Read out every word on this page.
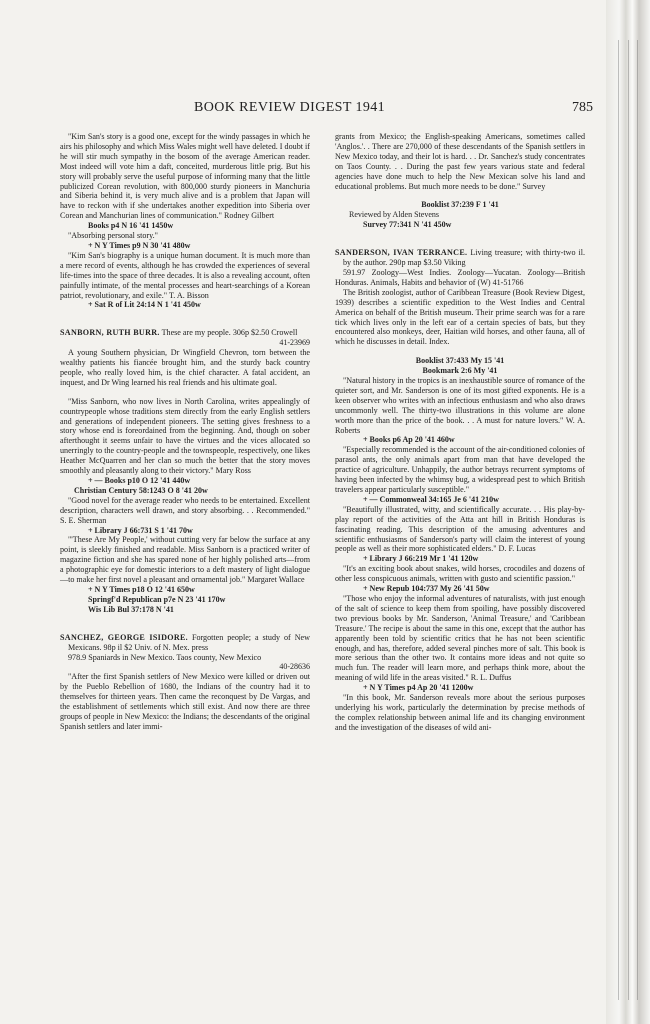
BOOK REVIEW DIGEST 1941	785

"Kim San's story is a good one, except for the windy passages in which he airs his philosophy and which Miss Wales might well have deleted. I doubt if he will stir much sympathy in the bosom of the average American reader. Most indeed will vote him a daft, conceited, murderous little prig. But his story will probably serve the useful purpose of informing many that the little publicized Corean revolution, with 800,000 sturdy pioneers in Manchuria and Siberia behind it, is very much alive and is a problem that Japan will have to reckon with if she undertakes another expedition into Siberia over Corean and Manchurian lines of communication." Rodney Gilbert

Books p4 N 16 '41 1450w

"Absorbing personal story."

+ N Y Times p9 N 30 '41 480w

"Kim San's biography is a unique human document. It is much more than a mere record of events, although he has crowded the experiences of several life-times into the space of three decades. It is also a revealing account, often painfully intimate, of the mental processes and heart-searchings of a Korean patriot, revolutionary, and exile." T. A. Bisson

+ Sat R of Lit 24:14 N 1 '41 450w

SANBORN, RUTH BURR. These are my people. 306p $2.50 Crowell

41-23969

A young Southern physician, Dr Wingfield Chevron, torn between the wealthy patients his fiancée brought him, and the sturdy back country people, who really loved him, is the chief character. A fatal accident, an inquest, and Dr Wing learned his real friends and his ultimate goal.

"Miss Sanborn, who now lives in North Carolina, writes appealingly of countrypeople whose traditions stem directly from the early English settlers and generations of independent pioneers. The setting gives freshness to a story whose end is foreordained from the beginning. And, though on sober afterthought it seems unfair to have the virtues and the vices allocated so unerringly to the country-people and the townspeople, respectively, one likes Heather McQuarren and her clan so much the better that the story moves smoothly and pleasantly along to their victory." Mary Ross

+ — Books p10 O 12 '41 440w

Christian Century 58:1243 O 8 '41 20w

"Good novel for the average reader who needs to be entertained. Excellent description, characters well drawn, and story absorbing. . . Recommended." S. E. Sherman

+ Library J 66:731 S 1 '41 70w

"'These Are My People,' without cutting very far below the surface at any point, is sleekly finished and readable. Miss Sanborn is a practiced writer of magazine fiction and she has spared none of her highly polished arts—from a photographic eye for domestic interiors to a deft mastery of light dialogue—to make her first novel a pleasant and ornamental job." Margaret Wallace

+ N Y Times p18 O 12 '41 650w

Springf'd Republican p7e N 23 '41 170w

Wis Lib Bul 37:178 N '41

SANCHEZ, GEORGE ISIDORE. Forgotten people; a study of New Mexicans. 98p il $2 Univ. of N. Mex. press

978.9 Spaniards in New Mexico. Taos county, New Mexico

40-28636

"After the first Spanish settlers of New Mexico were killed or driven out by the Pueblo Rebellion of 1680, the Indians of the country had it to themselves for thirteen years. Then came the reconquest by De Vargas, and the establishment of settlements which still exist. And now there are three groups of people in New Mexico: the Indians; the descendants of the original Spanish settlers and later immi-

grants from Mexico; the English-speaking Americans, sometimes called 'Anglos.'. . There are 270,000 of these descendants of the Spanish settlers in New Mexico today, and their lot is hard. . . Dr. Sanchez's study concentrates on Taos County. . . During the past few years various state and federal agencies have done much to help the New Mexican solve his land and educational problems. But much more needs to be done." Survey

Booklist 37:239 F 1 '41

Reviewed by Alden Stevens

Survey 77:341 N '41 450w

SANDERSON, IVAN TERRANCE. Living treasure; with thirty-two il. by the author. 290p map $3.50 Viking

591.97 Zoology—West Indies. Zoology—Yucatan. Zoology—British Honduras. Animals, Habits and behavior of (W) 41-51766

The British zoologist, author of Caribbean Treasure (Book Review Digest, 1939) describes a scientific expedition to the West Indies and Central America on behalf of the British museum. Their prime search was for a rare tick which lives only in the left ear of a certain species of bats, but they encountered also monkeys, deer, Haitian wild horses, and other fauna, all of which he discusses in detail. Index.

Booklist 37:433 My 15 '41

Bookmark 2:6 My '41

"Natural history in the tropics is an inexhaustible source of romance of the quieter sort, and Mr. Sanderson is one of its most gifted exponents. He is a keen observer who writes with an infectious enthusiasm and who also draws uncommonly well. The thirty-two illustrations in this volume are alone worth more than the price of the book. . . A must for nature lovers." W. A. Roberts

+ Books p6 Ap 20 '41 460w

"Especially recommended is the account of the air-conditioned colonies of parasol ants, the only animals apart from man that have developed the practice of agriculture. Unhappily, the author betrays recurrent symptoms of having been infected by the whimsy bug, a widespread pest to which British travelers appear particularly susceptible."

+ — Commonweal 34:165 Je 6 '41 210w

"Beautifully illustrated, witty, and scientifically accurate. . . His play-by-play report of the activities of the Atta ant hill in British Honduras is fascinating reading. This description of the amusing adventures and scientific enthusiasms of Sanderson's party will claim the interest of young people as well as their more sophisticated elders." D. F. Lucas

+ Library J 66:219 Mr 1 '41 120w

"It's an exciting book about snakes, wild horses, crocodiles and dozens of other less conspicuous animals, written with gusto and scientific passion."

+ New Repub 104:737 My 26 '41 50w

"Those who enjoy the informal adventures of naturalists, with just enough of the salt of science to keep them from spoiling, have possibly discovered two previous books by Mr. Sanderson, 'Animal Treasure,' and 'Caribbean Treasure.' The recipe is about the same in this one, except that the author has apparently been told by scientific critics that he has not been scientific enough, and has, therefore, added several pinches more of salt. This book is more serious than the other two. It contains more ideas and not quite so much fun. The reader will learn more, and perhaps think more, about the meaning of wild life in the areas visited." R. L. Duffus

+ N Y Times p4 Ap 20 '41 1200w

"In this book, Mr. Sanderson reveals more about the serious purposes underlying his work, particularly the determination by precise methods of the complex relationship between animal life and its changing environment and the investigation of the diseases of wild ani-
